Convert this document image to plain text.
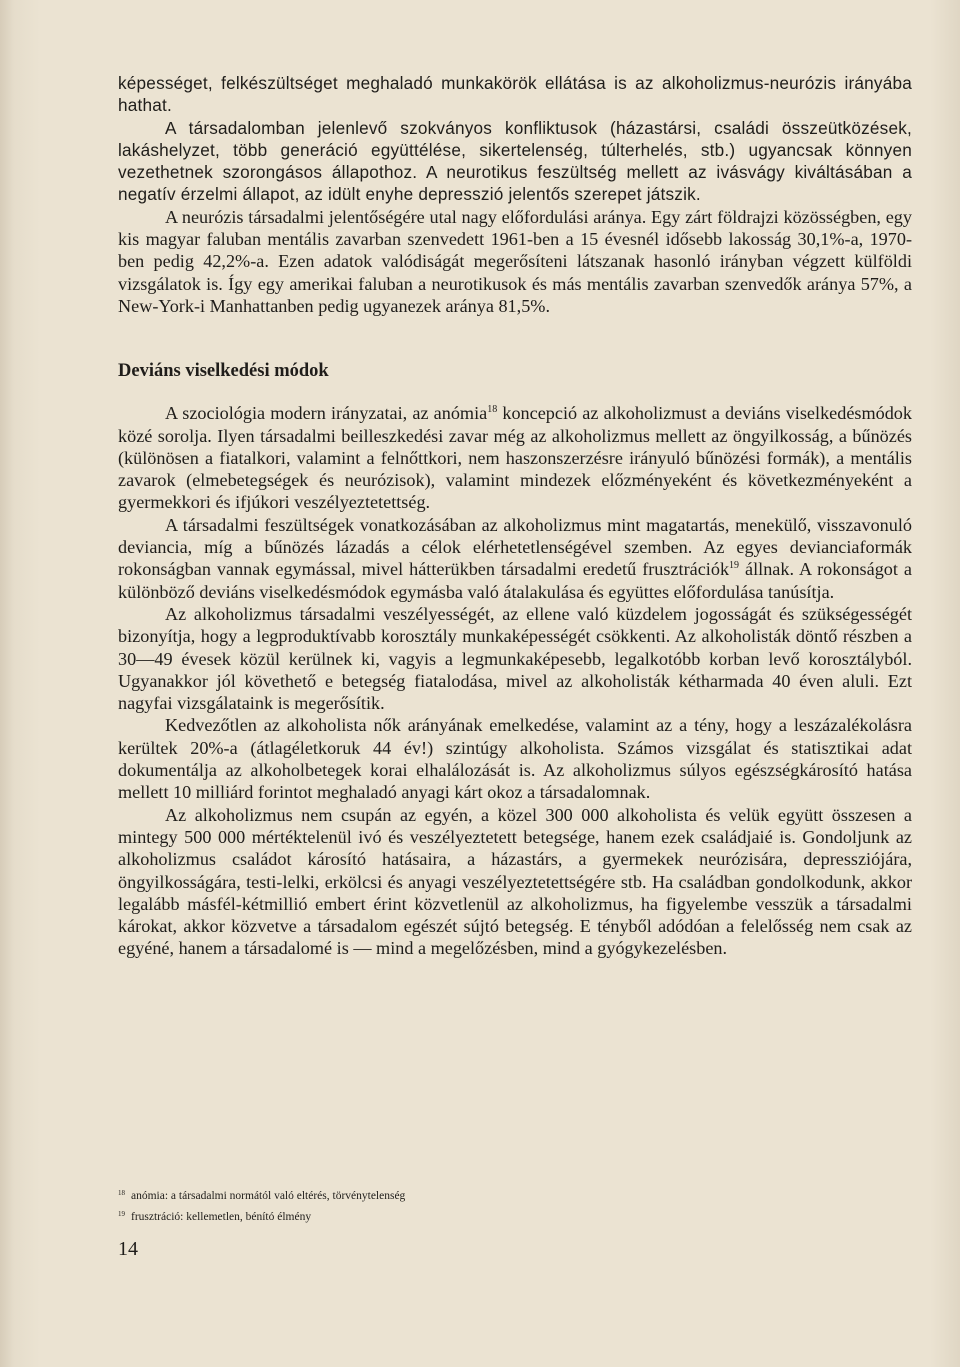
képességet, felkészültséget meghaladó munkakörök ellátása is az alkoholizmus-neurózis irányába hathat.

A társadalomban jelenlevő szokványos konfliktusok (házastársi, családi összeütközések, lakáshelyzet, több generáció együttélése, sikertelenség, túlterhelés, stb.) ugyancsak könnyen vezethetnek szorongásos állapothoz. A neurotikus feszültség mellett az ivásvágy kiváltásában a negatív érzelmi állapot, az idült enyhe depresszió jelentős szerepet játszik.

A neurózis társadalmi jelentőségére utal nagy előfordulási aránya. Egy zárt földrajzi közösségben, egy kis magyar faluban mentális zavarban szenvedett 1961-ben a 15 évesnél idősebb lakosság 30,1%-a, 1970-ben pedig 42,2%-a. Ezen adatok valódiságát megerősíteni látszanak hasonló irányban végzett külföldi vizsgálatok is. Így egy amerikai faluban a neurotikusok és más mentális zavarban szenvedők aránya 57%, a New-York-i Manhattanben pedig ugyanezek aránya 81,5%.

Deviáns viselkedési módok

A szociológia modern irányzatai, az anómia$^{18}$ koncepció az alkoholizmust a deviáns viselkedésmódok közé sorolja. Ilyen társadalmi beilleszkedési zavar még az alkoholizmus mellett az öngyilkosság, a bűnözés (különösen a fiatalkori, valamint a felnőttkori, nem haszonszerzésre irányuló bűnözési formák), a mentális zavarok (elmebetegségek és neurózisok), valamint mindezek előzményeként és következményeként a gyermekkori és ifjúkori veszélyeztetettség.

A társadalmi feszültségek vonatkozásában az alkoholizmus mint magatartás, menekülő, visszavonuló deviancia, míg a bűnözés lázadás a célok elérhetetlenségével szemben. Az egyes devianciaformák rokonságban vannak egymással, mivel hátterükben társadalmi eredetű frusztrációk$^{19}$ állnak. A rokonságot a különböző deviáns viselkedésmódok egymásba való átalakulása és együttes előfordulása tanúsítja.

Az alkoholizmus társadalmi veszélyességét, az ellene való küzdelem jogosságát és szükségességét bizonyítja, hogy a legproduktívabb korosztály munkaképességét csökkenti. Az alkoholisták döntő részben a 30—49 évesek közül kerülnek ki, vagyis a legmunkaképesebb, legalkotóbb korban levő korosztályból. Ugyanakkor jól követhető e betegség fiatalodása, mivel az alkoholisták kétharmada 40 éven aluli. Ezt nagyfai vizsgálataink is megerősítik.

Kedvezőtlen az alkoholista nők arányának emelkedése, valamint az a tény, hogy a leszázalékolásra kerültek 20%-a (átlagéletkoruk 44 év!) szintúgy alkoholista. Számos vizsgálat és statisztikai adat dokumentálja az alkoholbetegek korai elhalálozását is. Az alkoholizmus súlyos egészségkárosító hatása mellett 10 milliárd forintot meghaladó anyagi kárt okoz a társadalomnak.

Az alkoholizmus nem csupán az egyén, a közel 300 000 alkoholista és velük együtt összesen a mintegy 500 000 mértéktelenül ivó és veszélyeztetett betegsége, hanem ezek családjaié is. Gondoljunk az alkoholizmus családot károsító hatásaira, a házastárs, a gyermekek neurózisára, depressziójára, öngyilkosságára, testi-lelki, erkölcsi és anyagi veszélyeztetettségére stb. Ha családban gondolkodunk, akkor legalább másfél-kétmillió embert érint közvetlenül az alkoholizmus, ha figyelembe vesszük a társadalmi károkat, akkor közvetve a társadalom egészét sújtó betegség. E tényből adódóan a felelősség nem csak az egyéné, hanem a társadalomé is — mind a megelőzésben, mind a gyógykezelésben.

$^{18}$ anómia: a társadalmi normától való eltérés, törvénytelenség
$^{19}$ frusztráció: kellemetlen, bénító élmény
14
